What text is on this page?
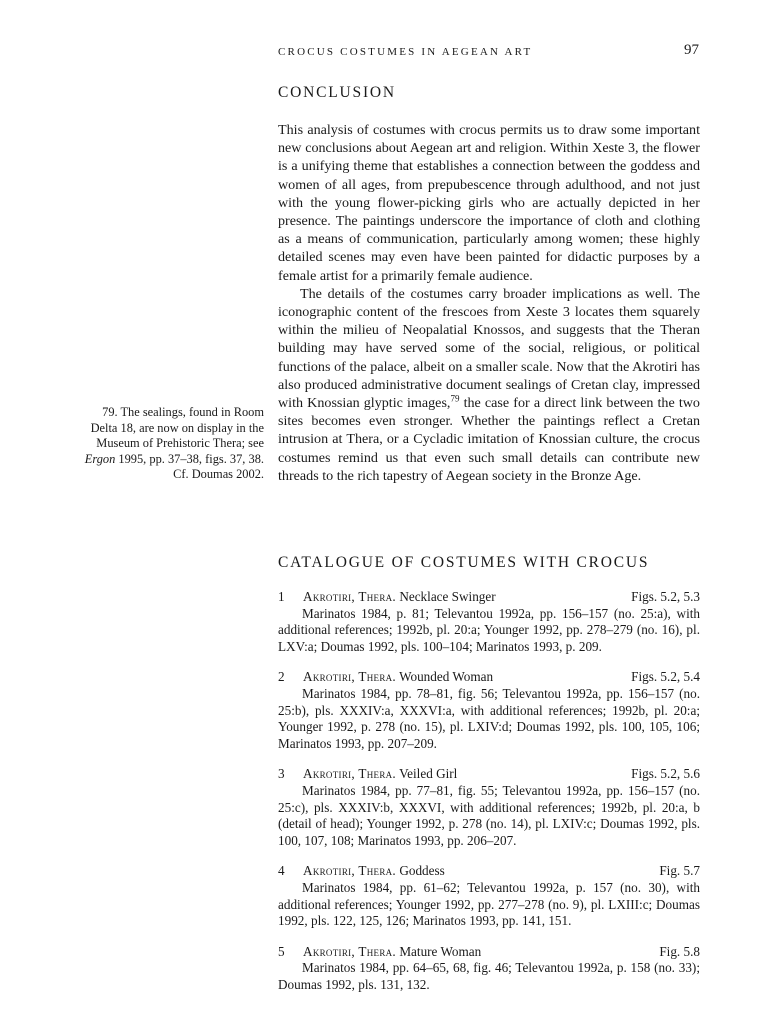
CROCUS COSTUMES IN AEGEAN ART	97
CONCLUSION

This analysis of costumes with crocus permits us to draw some important new conclusions about Aegean art and religion. Within Xeste 3, the flower is a unifying theme that establishes a connection between the goddess and women of all ages, from prepubescence through adulthood, and not just with the young flower-picking girls who are actually depicted in her presence. The paintings underscore the importance of cloth and clothing as a means of communication, particularly among women; these highly detailed scenes may even have been painted for didactic purposes by a female artist for a primarily female audience.

The details of the costumes carry broader implications as well. The iconographic content of the frescoes from Xeste 3 locates them squarely within the milieu of Neopalatial Knossos, and suggests that the Theran building may have served some of the social, religious, or political functions of the palace, albeit on a smaller scale. Now that the Akrotiri has also produced administrative document sealings of Cretan clay, impressed with Knossian glyptic images,$^{79}$ the case for a direct link between the two sites becomes even stronger. Whether the paintings reflect a Cretan intrusion at Thera, or a Cycladic imitation of Knossian culture, the crocus costumes remind us that even such small details can contribute new threads to the rich tapestry of Aegean society in the Bronze Age.

79. The sealings, found in Room
Delta 18, are now on display in the
Museum of Prehistoric Thera; see
Ergon 1995, pp. 37–38, figs. 37, 38.
Cf. Doumas 2002.
CATALOGUE OF COSTUMES WITH CROCUS
1	Akrotiri, Thera. Necklace Swinger	Figs. 5.2, 5.3
Marinatos 1984, p. 81; Televantou 1992a, pp. 156–157 (no. 25:a), with additional references; 1992b, pl. 20:a; Younger 1992, pp. 278–279 (no. 16), pl. LXV:a; Doumas 1992, pls. 100–104; Marinatos 1993, p. 209.
2	Akrotiri, Thera. Wounded Woman	Figs. 5.2, 5.4
Marinatos 1984, pp. 78–81, fig. 56; Televantou 1992a, pp. 156–157 (no. 25:b), pls. XXXIV:a, XXXVI:a, with additional references; 1992b, pl. 20:a; Younger 1992, p. 278 (no. 15), pl. LXIV:d; Doumas 1992, pls. 100, 105, 106; Marinatos 1993, pp. 207–209.
3	Akrotiri, Thera. Veiled Girl	Figs. 5.2, 5.6
Marinatos 1984, pp. 77–81, fig. 55; Televantou 1992a, pp. 156–157 (no. 25:c), pls. XXXIV:b, XXXVI, with additional references; 1992b, pl. 20:a, b (detail of head); Younger 1992, p. 278 (no. 14), pl. LXIV:c; Doumas 1992, pls. 100, 107, 108; Marinatos 1993, pp. 206–207.
4	Akrotiri, Thera. Goddess	Fig. 5.7
Marinatos 1984, pp. 61–62; Televantou 1992a, p. 157 (no. 30), with additional references; Younger 1992, pp. 277–278 (no. 9), pl. LXIII:c; Doumas 1992, pls. 122, 125, 126; Marinatos 1993, pp. 141, 151.
5	Akrotiri, Thera. Mature Woman	Fig. 5.8
Marinatos 1984, pp. 64–65, 68, fig. 46; Televantou 1992a, p. 158 (no. 33); Doumas 1992, pls. 131, 132.
